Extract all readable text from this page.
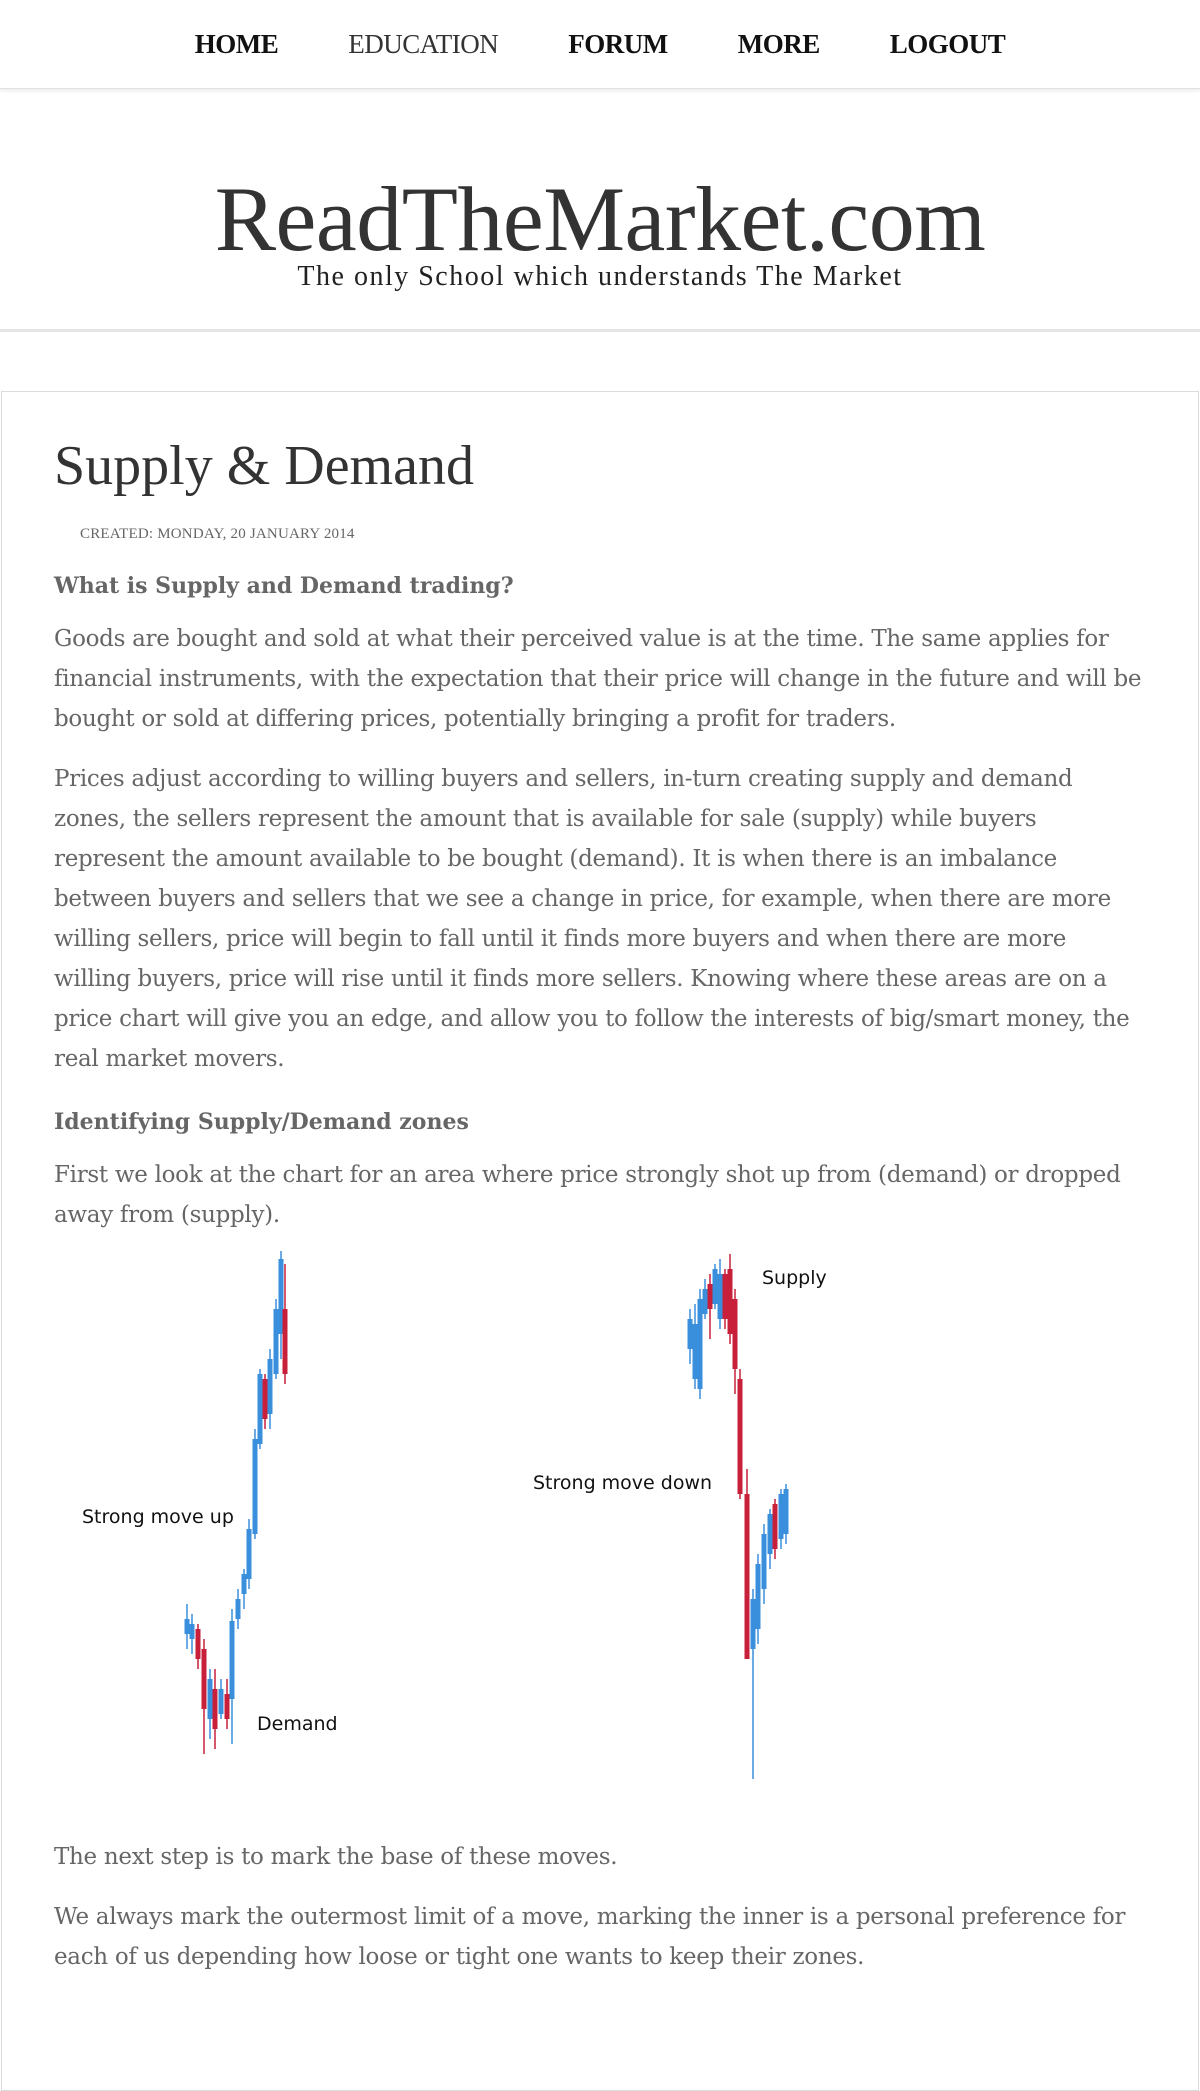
HOME	EDUCATION	FORUM	MORE	LOGOUT
ReadTheMarket.com
The only School which understands The Market
Supply & Demand
CREATED: MONDAY, 20 JANUARY 2014
What is Supply and Demand trading?

Goods are bought and sold at what their perceived value is at the time. The same applies for financial instruments, with the expectation that their price will change in the future and will be bought or sold at differing prices, potentially bringing a profit for traders.

Prices adjust according to willing buyers and sellers, in-turn creating supply and demand zones, the sellers represent the amount that is available for sale (supply) while buyers represent the amount available to be bought (demand). It is when there is an imbalance between buyers and sellers that we see a change in price, for example, when there are more willing sellers, price will begin to fall until it finds more buyers and when there are more willing buyers, price will rise until it finds more sellers. Knowing where these areas are on a price chart will give you an edge, and allow you to follow the interests of big/smart money, the real market movers.

Identifying Supply/Demand zones

First we look at the chart for an area where price strongly shot up from (demand) or dropped away from (supply).

Strong move up
Demand
Strong move down
Supply

The next step is to mark the base of these moves.

We always mark the outermost limit of a move, marking the inner is a personal preference for each of us depending how loose or tight one wants to keep their zones.
